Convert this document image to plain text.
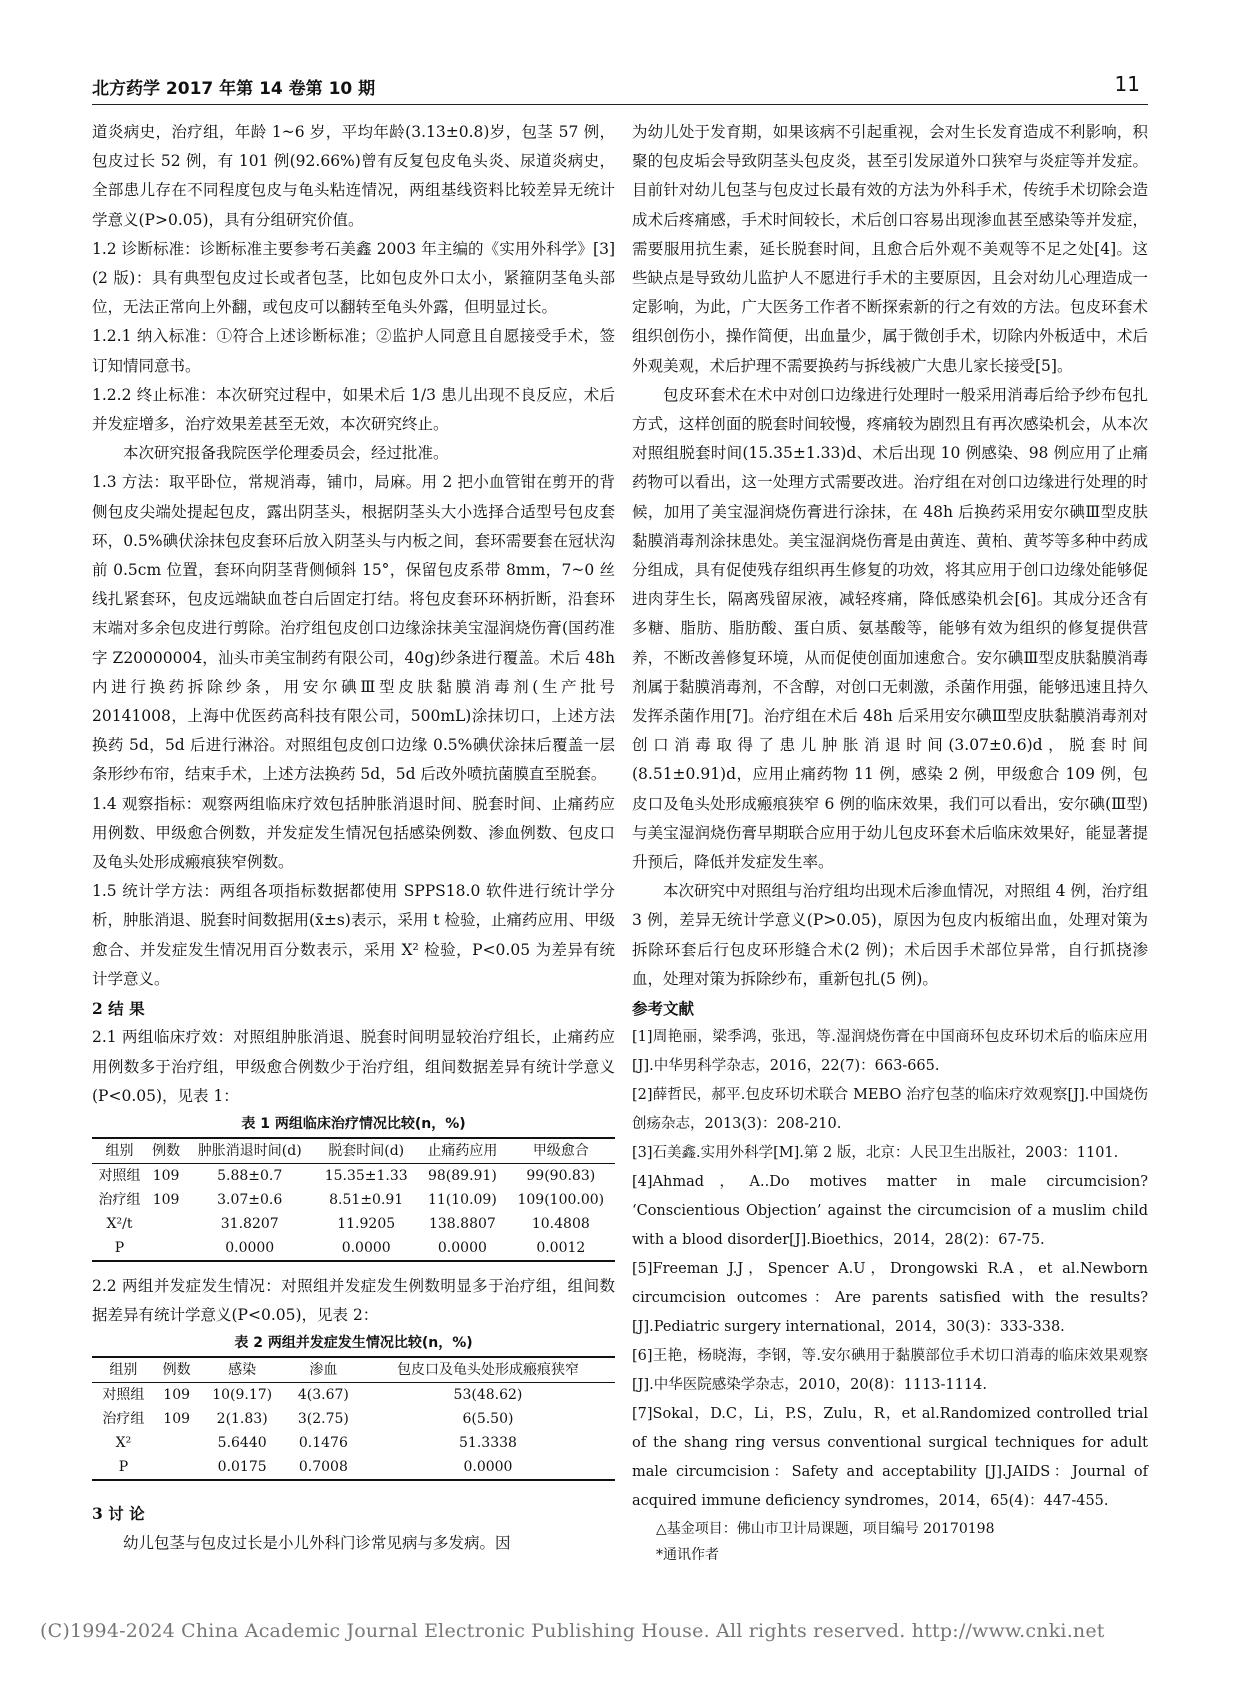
北方药学 2017 年第 14 卷第 10 期	11

道炎病史，治疗组，年龄 1~6 岁，平均年龄(3.13±0.8)岁，包茎 57 例，包皮过长 52 例，有 101 例(92.66%)曾有反复包皮龟头炎、尿道炎病史，全部患儿存在不同程度包皮与龟头粘连情况，两组基线资料比较差异无统计学意义(P>0.05)，具有分组研究价值。

1.2 诊断标准：诊断标准主要参考石美鑫 2003 年主编的《实用外科学》[3](2 版)：具有典型包皮过长或者包茎，比如包皮外口太小，紧箍阴茎龟头部位，无法正常向上外翻，或包皮可以翻转至龟头外露，但明显过长。

1.2.1 纳入标准：①符合上述诊断标准；②监护人同意且自愿接受手术，签订知情同意书。

1.2.2 终止标准：本次研究过程中，如果术后 1/3 患儿出现不良反应，术后并发症增多，治疗效果差甚至无效，本次研究终止。

本次研究报备我院医学伦理委员会，经过批准。

1.3 方法：取平卧位，常规消毒，铺巾，局麻。用 2 把小血管钳在剪开的背侧包皮尖端处提起包皮，露出阴茎头，根据阴茎头大小选择合适型号包皮套环，0.5%碘伏涂抹包皮套环后放入阴茎头与内板之间，套环需要套在冠状沟前 0.5cm 位置，套环向阴茎背侧倾斜 15°，保留包皮系带 8mm，7~0 丝线扎紧套环，包皮远端缺血苍白后固定打结。将包皮套环环柄折断，沿套环末端对多余包皮进行剪除。治疗组包皮创口边缘涂抹美宝湿润烧伤膏(国药准字 Z20000004，汕头市美宝制药有限公司，40g)纱条进行覆盖。术后 48h 内进行换药拆除纱条，用安尔碘Ⅲ型皮肤黏膜消毒剂(生产批号 20141008，上海中优医药高科技有限公司，500mL)涂抹切口，上述方法换药 5d，5d 后进行淋浴。对照组包皮创口边缘 0.5%碘伏涂抹后覆盖一层条形纱布帘，结束手术，上述方法换药 5d，5d 后改外喷抗菌膜直至脱套。

1.4 观察指标：观察两组临床疗效包括肿胀消退时间、脱套时间、止痛药应用例数、甲级愈合例数，并发症发生情况包括感染例数、渗血例数、包皮口及龟头处形成瘢痕狭窄例数。

1.5 统计学方法：两组各项指标数据都使用 SPPS18.0 软件进行统计学分析，肿胀消退、脱套时间数据用(x̄±s)表示，采用 t 检验，止痛药应用、甲级愈合、并发症发生情况用百分数表示，采用 X² 检验，P<0.05 为差异有统计学意义。

2 结 果

2.1 两组临床疗效：对照组肿胀消退、脱套时间明显较治疗组长，止痛药应用例数多于治疗组，甲级愈合例数少于治疗组，组间数据差异有统计学意义(P<0.05)，见表 1：

表 1 两组临床治疗情况比较(n，%)

组别	例数	肿胀消退时间(d)	脱套时间(d)	止痛药应用	甲级愈合
对照组	109	5.88±0.7	15.35±1.33	98(89.91)	99(90.83)
治疗组	109	3.07±0.6	8.51±0.91	11(10.09)	109(100.00)
X²/t		31.8207	11.9205	138.8807	10.4808
P		0.0000	0.0000	0.0000	0.0012

2.2 两组并发症发生情况：对照组并发症发生例数明显多于治疗组，组间数据差异有统计学意义(P<0.05)，见表 2：

表 2 两组并发症发生情况比较(n，%)

组别	例数	感染	渗血	包皮口及龟头处形成瘢痕狭窄
对照组	109	10(9.17)	4(3.67)	53(48.62)
治疗组	109	2(1.83)	3(2.75)	6(5.50)
X²		5.6440	0.1476	51.3338
P		0.0175	0.7008	0.0000

3 讨 论

幼儿包茎与包皮过长是小儿外科门诊常见病与多发病。因

为幼儿处于发育期，如果该病不引起重视，会对生长发育造成不利影响，积聚的包皮垢会导致阴茎头包皮炎，甚至引发尿道外口狭窄与炎症等并发症。目前针对幼儿包茎与包皮过长最有效的方法为外科手术，传统手术切除会造成术后疼痛感，手术时间较长，术后创口容易出现渗血甚至感染等并发症，需要服用抗生素，延长脱套时间，且愈合后外观不美观等不足之处[4]。这些缺点是导致幼儿监护人不愿进行手术的主要原因，且会对幼儿心理造成一定影响，为此，广大医务工作者不断探索新的行之有效的方法。包皮环套术组织创伤小，操作简便，出血量少，属于微创手术，切除内外板适中，术后外观美观，术后护理不需要换药与拆线被广大患儿家长接受[5]。

包皮环套术在术中对创口边缘进行处理时一般采用消毒后给予纱布包扎方式，这样创面的脱套时间较慢，疼痛较为剧烈且有再次感染机会，从本次对照组脱套时间(15.35±1.33)d、术后出现 10 例感染、98 例应用了止痛药物可以看出，这一处理方式需要改进。治疗组在对创口边缘进行处理的时候，加用了美宝湿润烧伤膏进行涂抹，在 48h 后换药采用安尔碘Ⅲ型皮肤黏膜消毒剂涂抹患处。美宝湿润烧伤膏是由黄连、黄柏、黄芩等多种中药成分组成，具有促使残存组织再生修复的功效，将其应用于创口边缘处能够促进肉芽生长，隔离残留尿液，减轻疼痛，降低感染机会[6]。其成分还含有多糖、脂肪、脂肪酸、蛋白质、氨基酸等，能够有效为组织的修复提供营养，不断改善修复环境，从而促使创面加速愈合。安尔碘Ⅲ型皮肤黏膜消毒剂属于黏膜消毒剂，不含醇，对创口无刺激，杀菌作用强，能够迅速且持久发挥杀菌作用[7]。治疗组在术后 48h 后采用安尔碘Ⅲ型皮肤黏膜消毒剂对创口消毒取得了患儿肿胀消退时间(3.07±0.6)d，脱套时间(8.51±0.91)d，应用止痛药物 11 例，感染 2 例，甲级愈合 109 例，包皮口及龟头处形成瘢痕狭窄 6 例的临床效果，我们可以看出，安尔碘(Ⅲ型)与美宝湿润烧伤膏早期联合应用于幼儿包皮环套术后临床效果好，能显著提升预后，降低并发症发生率。

本次研究中对照组与治疗组均出现术后渗血情况，对照组 4 例，治疗组 3 例，差异无统计学意义(P>0.05)，原因为包皮内板缩出血，处理对策为拆除环套后行包皮环形缝合术(2 例)；术后因手术部位异常，自行抓挠渗血，处理对策为拆除纱布，重新包扎(5 例)。

参考文献

[1]周艳丽，梁季鸿，张迅，等.湿润烧伤膏在中国商环包皮环切术后的临床应用[J].中华男科学杂志，2016，22(7)：663-665.

[2]薛哲民，郝平.包皮环切术联合 MEBO 治疗包茎的临床疗效观察[J].中国烧伤创疡杂志，2013(3)：208-210.

[3]石美鑫.实用外科学[M].第 2 版，北京：人民卫生出版社，2003：1101.

[4]Ahmad，A..Do motives matter in male circumcision? ‘Conscientious Objection’ against the circumcision of a muslim child with a blood disorder[J].Bioethics，2014，28(2)：67-75.

[5]Freeman J.J，Spencer A.U，Drongowski R.A，et al.Newborn circumcision outcomes：Are parents satisfied with the results?[J].Pediatric surgery international，2014，30(3)：333-338.

[6]王艳，杨晓海，李钢，等.安尔碘用于黏膜部位手术切口消毒的临床效果观察[J].中华医院感染学杂志，2010，20(8)：1113-1114.

[7]Sokal，D.C，Li，P.S，Zulu，R，et al.Randomized controlled trial of the shang ring versus conventional surgical techniques for adult male circumcision：Safety and acceptability [J].JAIDS：Journal of acquired immune deficiency syndromes，2014，65(4)：447-455.

△基金项目：佛山市卫计局课题，项目编号 20170198

*通讯作者

(C)1994-2024 China Academic Journal Electronic Publishing House. All rights reserved. http://www.cnki.net
